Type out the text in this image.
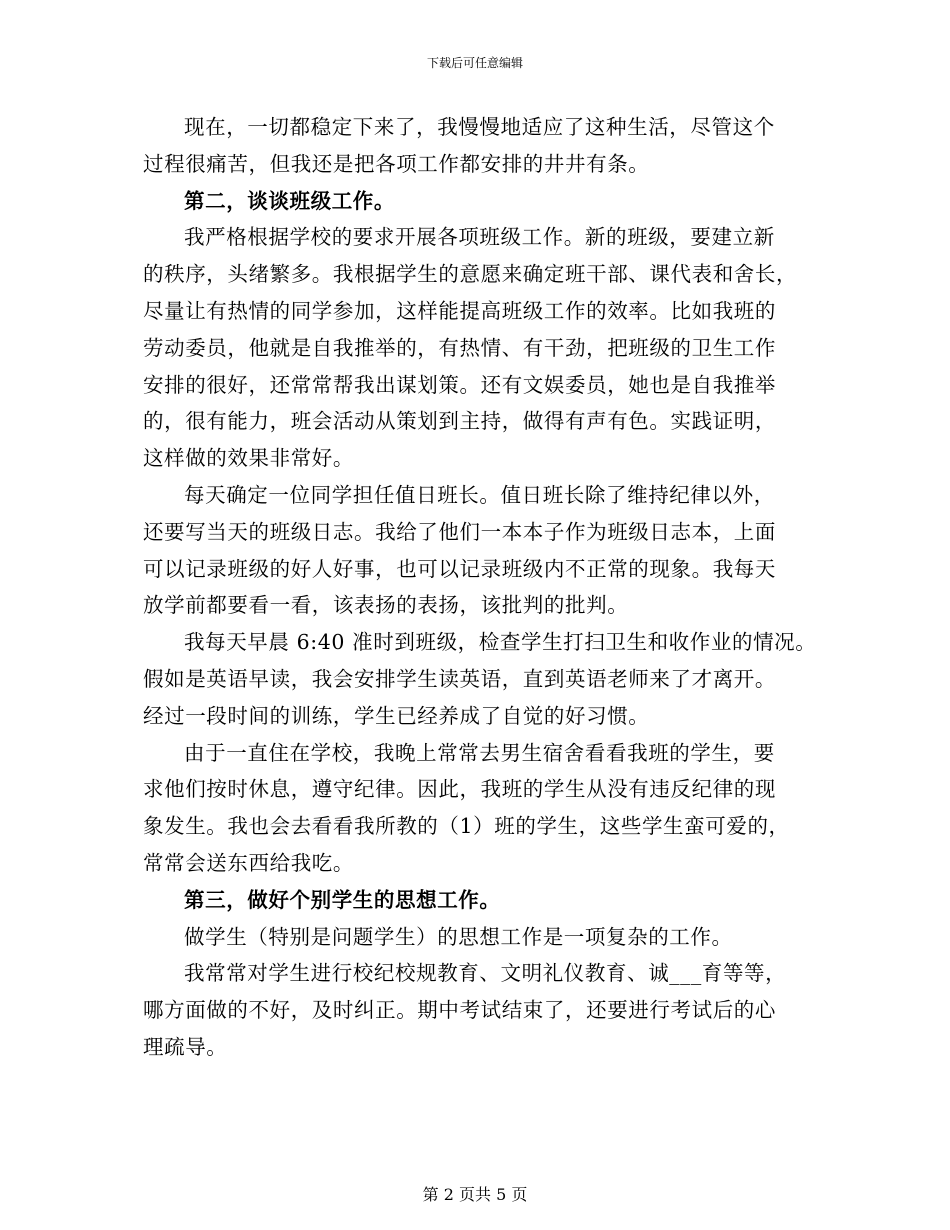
下载后可任意编辑
现在，一切都稳定下来了，我慢慢地适应了这种生活，尽管这个
过程很痛苦，但我还是把各项工作都安排的井井有条。
第二，谈谈班级工作。
我严格根据学校的要求开展各项班级工作。新的班级，要建立新
的秩序，头绪繁多。我根据学生的意愿来确定班干部、课代表和舍长，
尽量让有热情的同学参加，这样能提高班级工作的效率。比如我班的
劳动委员，他就是自我推举的，有热情、有干劲，把班级的卫生工作
安排的很好，还常常帮我出谋划策。还有文娱委员，她也是自我推举
的，很有能力，班会活动从策划到主持，做得有声有色。实践证明，
这样做的效果非常好。
每天确定一位同学担任值日班长。值日班长除了维持纪律以外，
还要写当天的班级日志。我给了他们一本本子作为班级日志本，上面
可以记录班级的好人好事，也可以记录班级内不正常的现象。我每天
放学前都要看一看，该表扬的表扬，该批判的批判。
我每天早晨 6:40 准时到班级，检查学生打扫卫生和收作业的情况。
假如是英语早读，我会安排学生读英语，直到英语老师来了才离开。
经过一段时间的训练，学生已经养成了自觉的好习惯。
由于一直住在学校，我晚上常常去男生宿舍看看我班的学生，要
求他们按时休息，遵守纪律。因此，我班的学生从没有违反纪律的现
象发生。我也会去看看我所教的（1）班的学生，这些学生蛮可爱的，
常常会送东西给我吃。
第三，做好个别学生的思想工作。
做学生（特别是问题学生）的思想工作是一项复杂的工作。
我常常对学生进行校纪校规教育、文明礼仪教育、诚___育等等，
哪方面做的不好，及时纠正。期中考试结束了，还要进行考试后的心
理疏导。
第 2 页共 5 页
